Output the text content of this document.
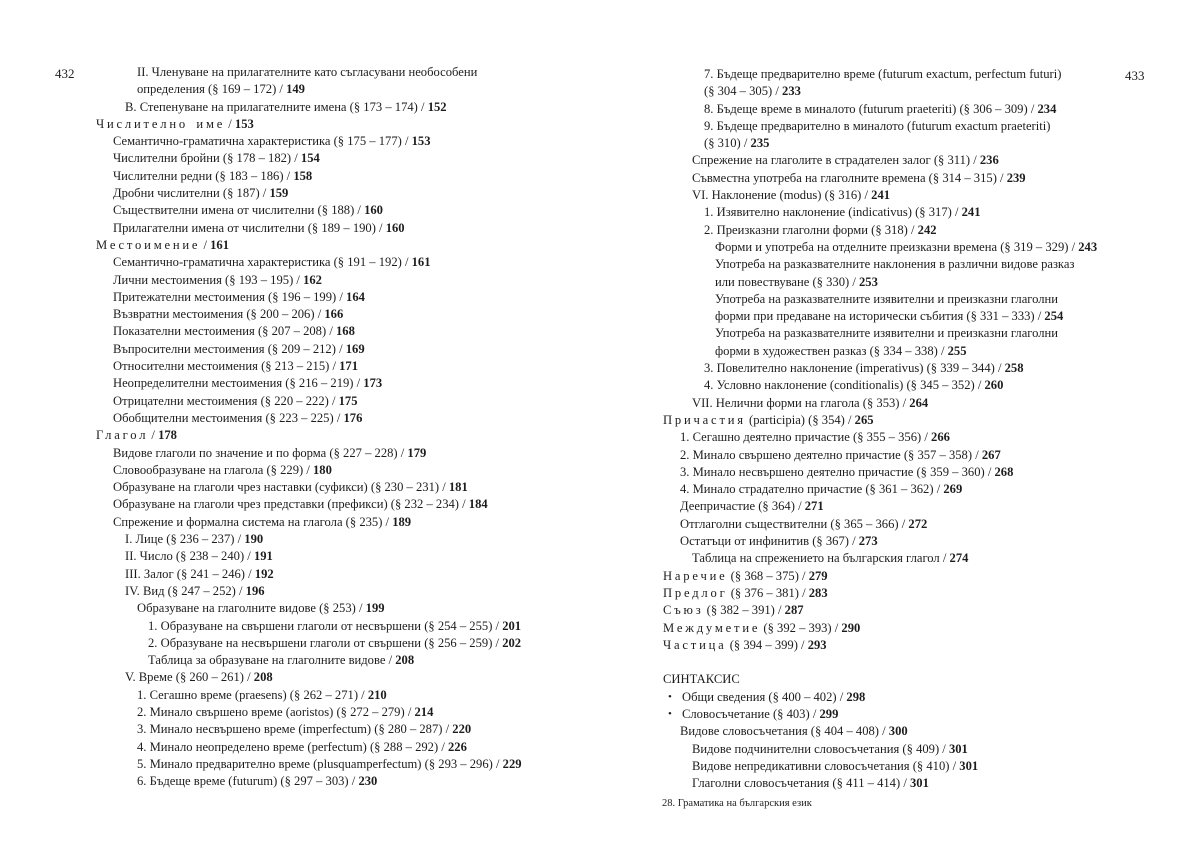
432	433
II. Членуване на прилагателните като съгласувани необособени
определения (§ 169 – 172) / 149
В. Степенуване на прилагателните имена (§ 173 – 174) / 152
Числително име / 153
Семантично-граматична характеристика (§ 175 – 177) / 153
Числителни бройни (§ 178 – 182) / 154
Числителни редни (§ 183 – 186) / 158
Дробни числителни (§ 187) / 159
Съществителни имена от числителни (§ 188) / 160
Прилагателни имена от числителни (§ 189 – 190) / 160
Местоимение / 161
Семантично-граматична характеристика (§ 191 – 192) / 161
Лични местоимения (§ 193 – 195) / 162
Притежателни местоимения (§ 196 – 199) / 164
Възвратни местоимения (§ 200 – 206) / 166
Показателни местоимения (§ 207 – 208) / 168
Въпросителни местоимения (§ 209 – 212) / 169
Относителни местоимения (§ 213 – 215) / 171
Неопределителни местоимения (§ 216 – 219) / 173
Отрицателни местоимения (§ 220 – 222) / 175
Обобщителни местоимения (§ 223 – 225) / 176
Глагол / 178
Видове глаголи по значение и по форма (§ 227 – 228) / 179
Словообразуване на глагола (§ 229) / 180
Образуване на глаголи чрез наставки (суфикси) (§ 230 – 231) / 181
Образуване на глаголи чрез представки (префикси) (§ 232 – 234) / 184
Спрежение и формална система на глагола (§ 235) / 189
I. Лице (§ 236 – 237) / 190
II. Число (§ 238 – 240) / 191
III. Залог (§ 241 – 246) / 192
IV. Вид (§ 247 – 252) / 196
Образуване на глаголните видове (§ 253) / 199
1. Образуване на свършени глаголи от несвършени (§ 254 – 255) / 201
2. Образуване на несвършени глаголи от свършени (§ 256 – 259) / 202
Таблица за образуване на глаголните видове / 208
V. Време (§ 260 – 261) / 208
1. Сегашно време (praesens) (§ 262 – 271) / 210
2. Минало свършено време (aoristos) (§ 272 – 279) / 214
3. Минало несвършено време (imperfectum) (§ 280 – 287) / 220
4. Минало неопределено време (perfectum) (§ 288 – 292) / 226
5. Минало предварително време (plusquamperfectum) (§ 293 – 296) / 229
6. Бъдеще време (futurum) (§ 297 – 303) / 230
7. Бъдеще предварително време (futurum exactum, perfectum futuri)
(§ 304 – 305) / 233
8. Бъдеще време в миналото (futurum praeteriti) (§ 306 – 309) / 234
9. Бъдеще предварително в миналото (futurum exactum praeteriti)
(§ 310) / 235
Спрежение на глаголите в страдателен залог (§ 311) / 236
Съвместна употреба на глаголните времена (§ 314 – 315) / 239
VI. Наклонение (modus) (§ 316) / 241
1. Изявително наклонение (indicativus) (§ 317) / 241
2. Преизказни глаголни форми (§ 318) / 242
Форми и употреба на отделните преизказни времена (§ 319 – 329) / 243
Употреба на разказвателните наклонения в различни видове разказ
или повествуване (§ 330) / 253
Употреба на разказвателните изявителни и преизказни глаголни
форми при предаване на исторически събития (§ 331 – 333) / 254
Употреба на разказвателните изявителни и преизказни глаголни
форми в художествен разказ (§ 334 – 338) / 255
3. Повелително наклонение (imperativus) (§ 339 – 344) / 258
4. Условно наклонение (conditionalis) (§ 345 – 352) / 260
VII. Нелични форми на глагола (§ 353) / 264
Причастия (participia) (§ 354) / 265
1. Сегашно деятелно причастие (§ 355 – 356) / 266
2. Минало свършено деятелно причастие (§ 357 – 358) / 267
3. Минало несвършено деятелно причастие (§ 359 – 360) / 268
4. Минало страдателно причастие (§ 361 – 362) / 269
Деепричастие (§ 364) / 271
Отглаголни съществителни (§ 365 – 366) / 272
Остатъци от инфинитив (§ 367) / 273
Таблица на спрежението на българския глагол / 274
Наречие (§ 368 – 375) / 279
Предлог (§ 376 – 381) / 283
Съюз (§ 382 – 391) / 287
Междуметие (§ 392 – 393) / 290
Частица (§ 394 – 399) / 293
СИНТАКСИС
• Общи сведения (§ 400 – 402) / 298
• Словосъчетание (§ 403) / 299
Видове словосъчетания (§ 404 – 408) / 300
Видове подчинителни словосъчетания (§ 409) / 301
Видове непредикативни словосъчетания (§ 410) / 301
Глаголни словосъчетания (§ 411 – 414) / 301
28. Граматика на българския език
